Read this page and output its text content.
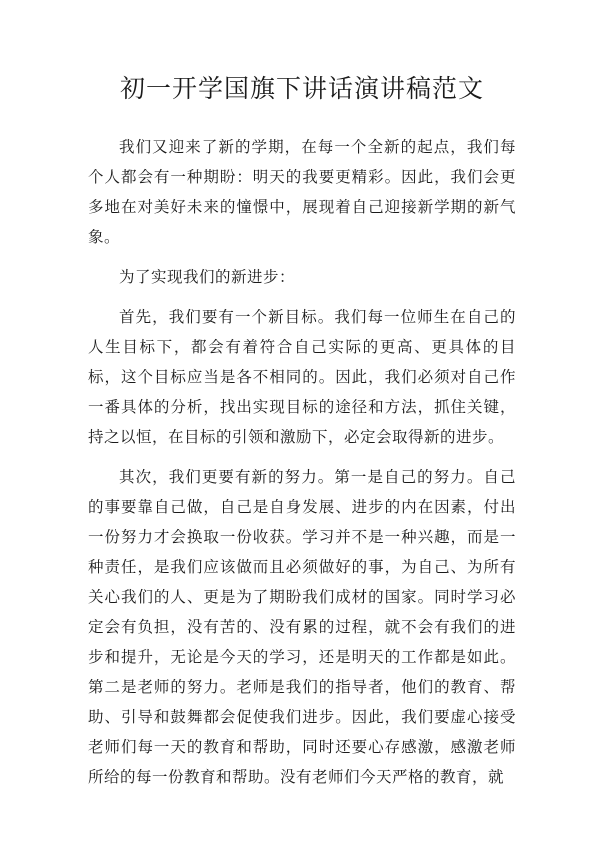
初一开学国旗下讲话演讲稿范文

我们又迎来了新的学期，在每一个全新的起点，我们每个人都会有一种期盼：明天的我要更精彩。因此，我们会更多地在对美好未来的憧憬中，展现着自己迎接新学期的新气象。

为了实现我们的新进步：

首先，我们要有一个新目标。我们每一位师生在自己的人生目标下，都会有着符合自己实际的更高、更具体的目标，这个目标应当是各不相同的。因此，我们必须对自己作一番具体的分析，找出实现目标的途径和方法，抓住关键，持之以恒，在目标的引领和激励下，必定会取得新的进步。

其次，我们更要有新的努力。第一是自己的努力。自己的事要靠自己做，自己是自身发展、进步的内在因素，付出一份努力才会换取一份收获。学习并不是一种兴趣，而是一种责任，是我们应该做而且必须做好的事，为自己、为所有关心我们的人、更是为了期盼我们成材的国家。同时学习必定会有负担，没有苦的、没有累的过程，就不会有我们的进步和提升，无论是今天的学习，还是明天的工作都是如此。第二是老师的努力。老师是我们的指导者，他们的教育、帮助、引导和鼓舞都会促使我们进步。因此，我们要虚心接受老师们每一天的教育和帮助，同时还要心存感激，感激老师所给的每一份教育和帮助。没有老师们今天严格的教育，就
